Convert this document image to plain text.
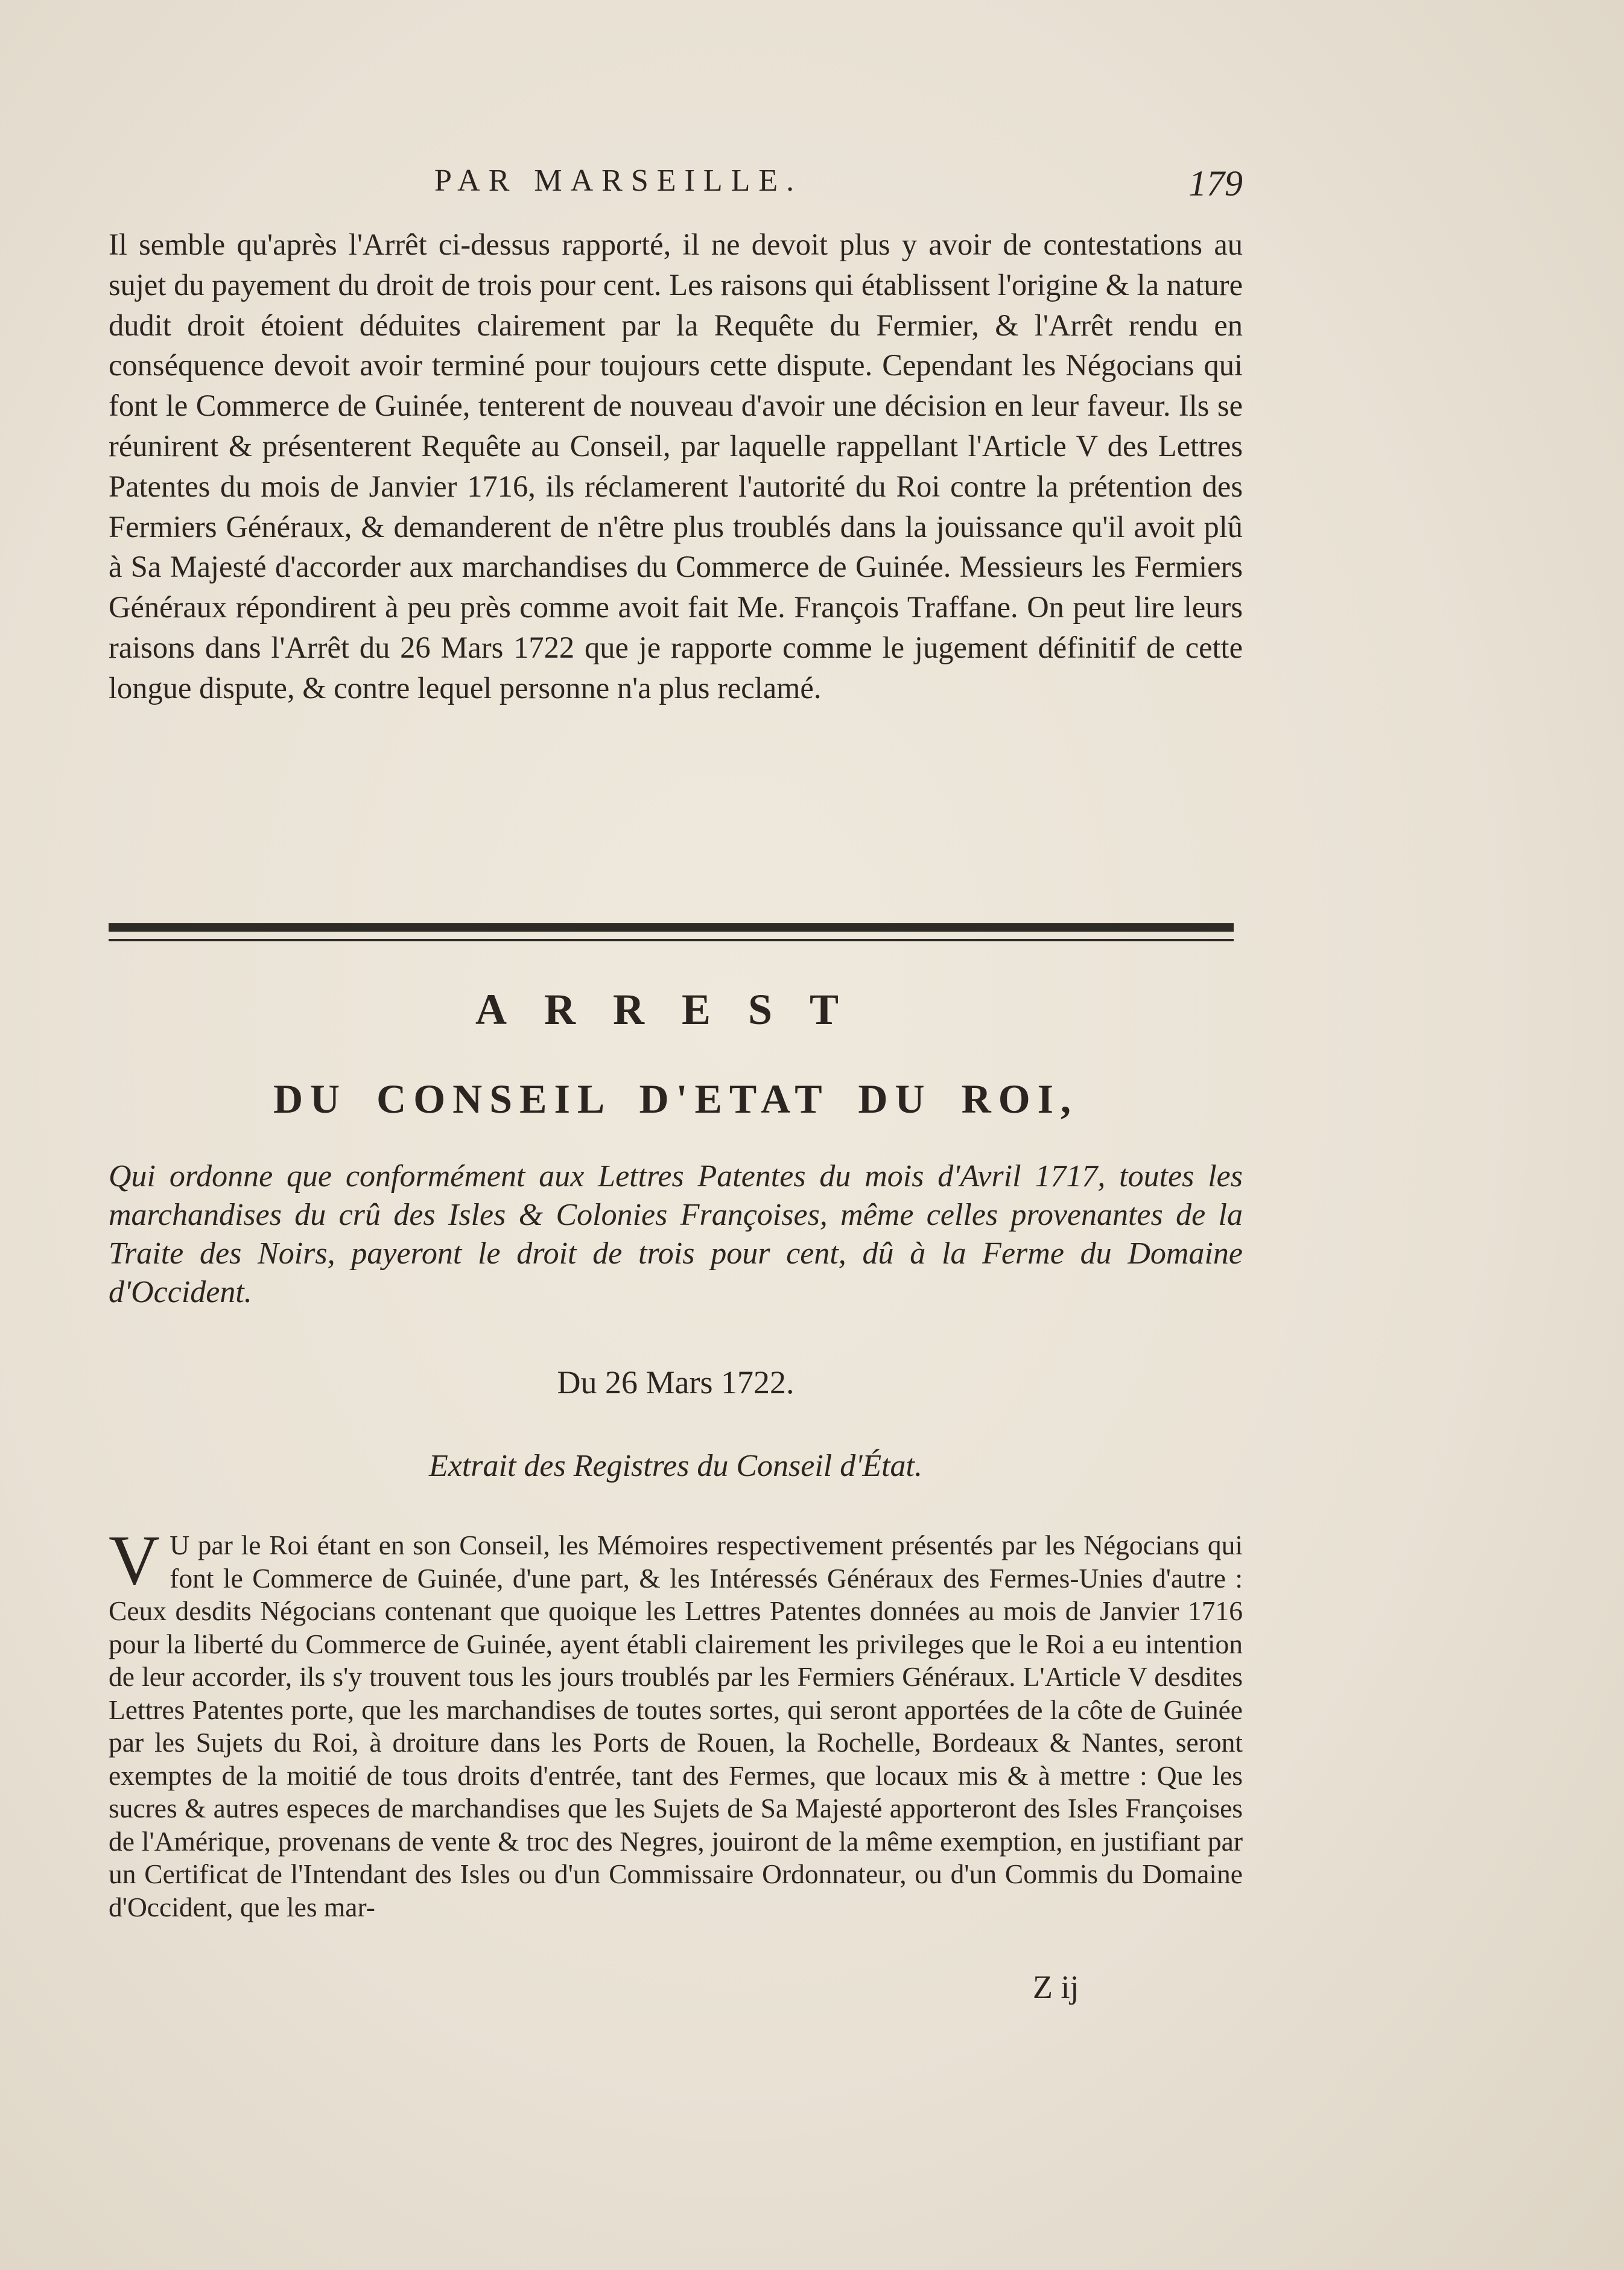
PAR MARSEILLE.	179

Il semble qu'après l'Arrêt ci-dessus rapporté, il ne devoit plus y avoir de contestations au sujet du payement du droit de trois pour cent. Les raisons qui établissent l'origine & la nature dudit droit étoient déduites clairement par la Requête du Fermier, & l'Arrêt rendu en conséquence devoit avoir terminé pour toujours cette dispute. Cependant les Négocians qui font le Commerce de Guinée, tenterent de nouveau d'avoir une décision en leur faveur. Ils se réunirent & présenterent Requête au Conseil, par laquelle rappellant l'Article V des Lettres Patentes du mois de Janvier 1716, ils réclamerent l'autorité du Roi contre la prétention des Fermiers Généraux, & demanderent de n'être plus troublés dans la jouissance qu'il avoit plû à Sa Majesté d'accorder aux marchandises du Commerce de Guinée. Messieurs les Fermiers Généraux répondirent à peu près comme avoit fait Me. François Traffane. On peut lire leurs raisons dans l'Arrêt du 26 Mars 1722 que je rapporte comme le jugement définitif de cette longue dispute, & contre lequel personne n'a plus reclamé.

ARREST
DU CONSEIL D'ETAT DU ROI,

Qui ordonne que conformément aux Lettres Patentes du mois d'Avril 1717, toutes les marchandises du crû des Isles & Colonies Françoises, même celles provenantes de la Traite des Noirs, payeront le droit de trois pour cent, dû à la Ferme du Domaine d'Occident.

Du 26 Mars 1722.
Extrait des Registres du Conseil d'État.

V U par le Roi étant en son Conseil, les Mémoires respectivement présentés par les Négocians qui font le Commerce de Guinée, d'une part, & les Intéressés Généraux des Fermes-Unies d'autre : Ceux desdits Négocians contenant que quoique les Lettres Patentes données au mois de Janvier 1716 pour la liberté du Commerce de Guinée, ayent établi clairement les privileges que le Roi a eu intention de leur accorder, ils s'y trouvent tous les jours troublés par les Fermiers Généraux. L'Article V desdites Lettres Patentes porte, que les marchandises de toutes sortes, qui seront apportées de la côte de Guinée par les Sujets du Roi, à droiture dans les Ports de Rouen, la Rochelle, Bordeaux & Nantes, seront exemptes de la moitié de tous droits d'entrée, tant des Fermes, que locaux mis & à mettre : Que les sucres & autres especes de marchandises que les Sujets de Sa Majesté apporteront des Isles Françoises de l'Amérique, provenans de vente & troc des Negres, jouiront de la même exemption, en justifiant par un Certificat de l'Intendant des Isles ou d'un Commissaire Ordonnateur, ou d'un Commis du Domaine d'Occident, que les mar-

Z ij
